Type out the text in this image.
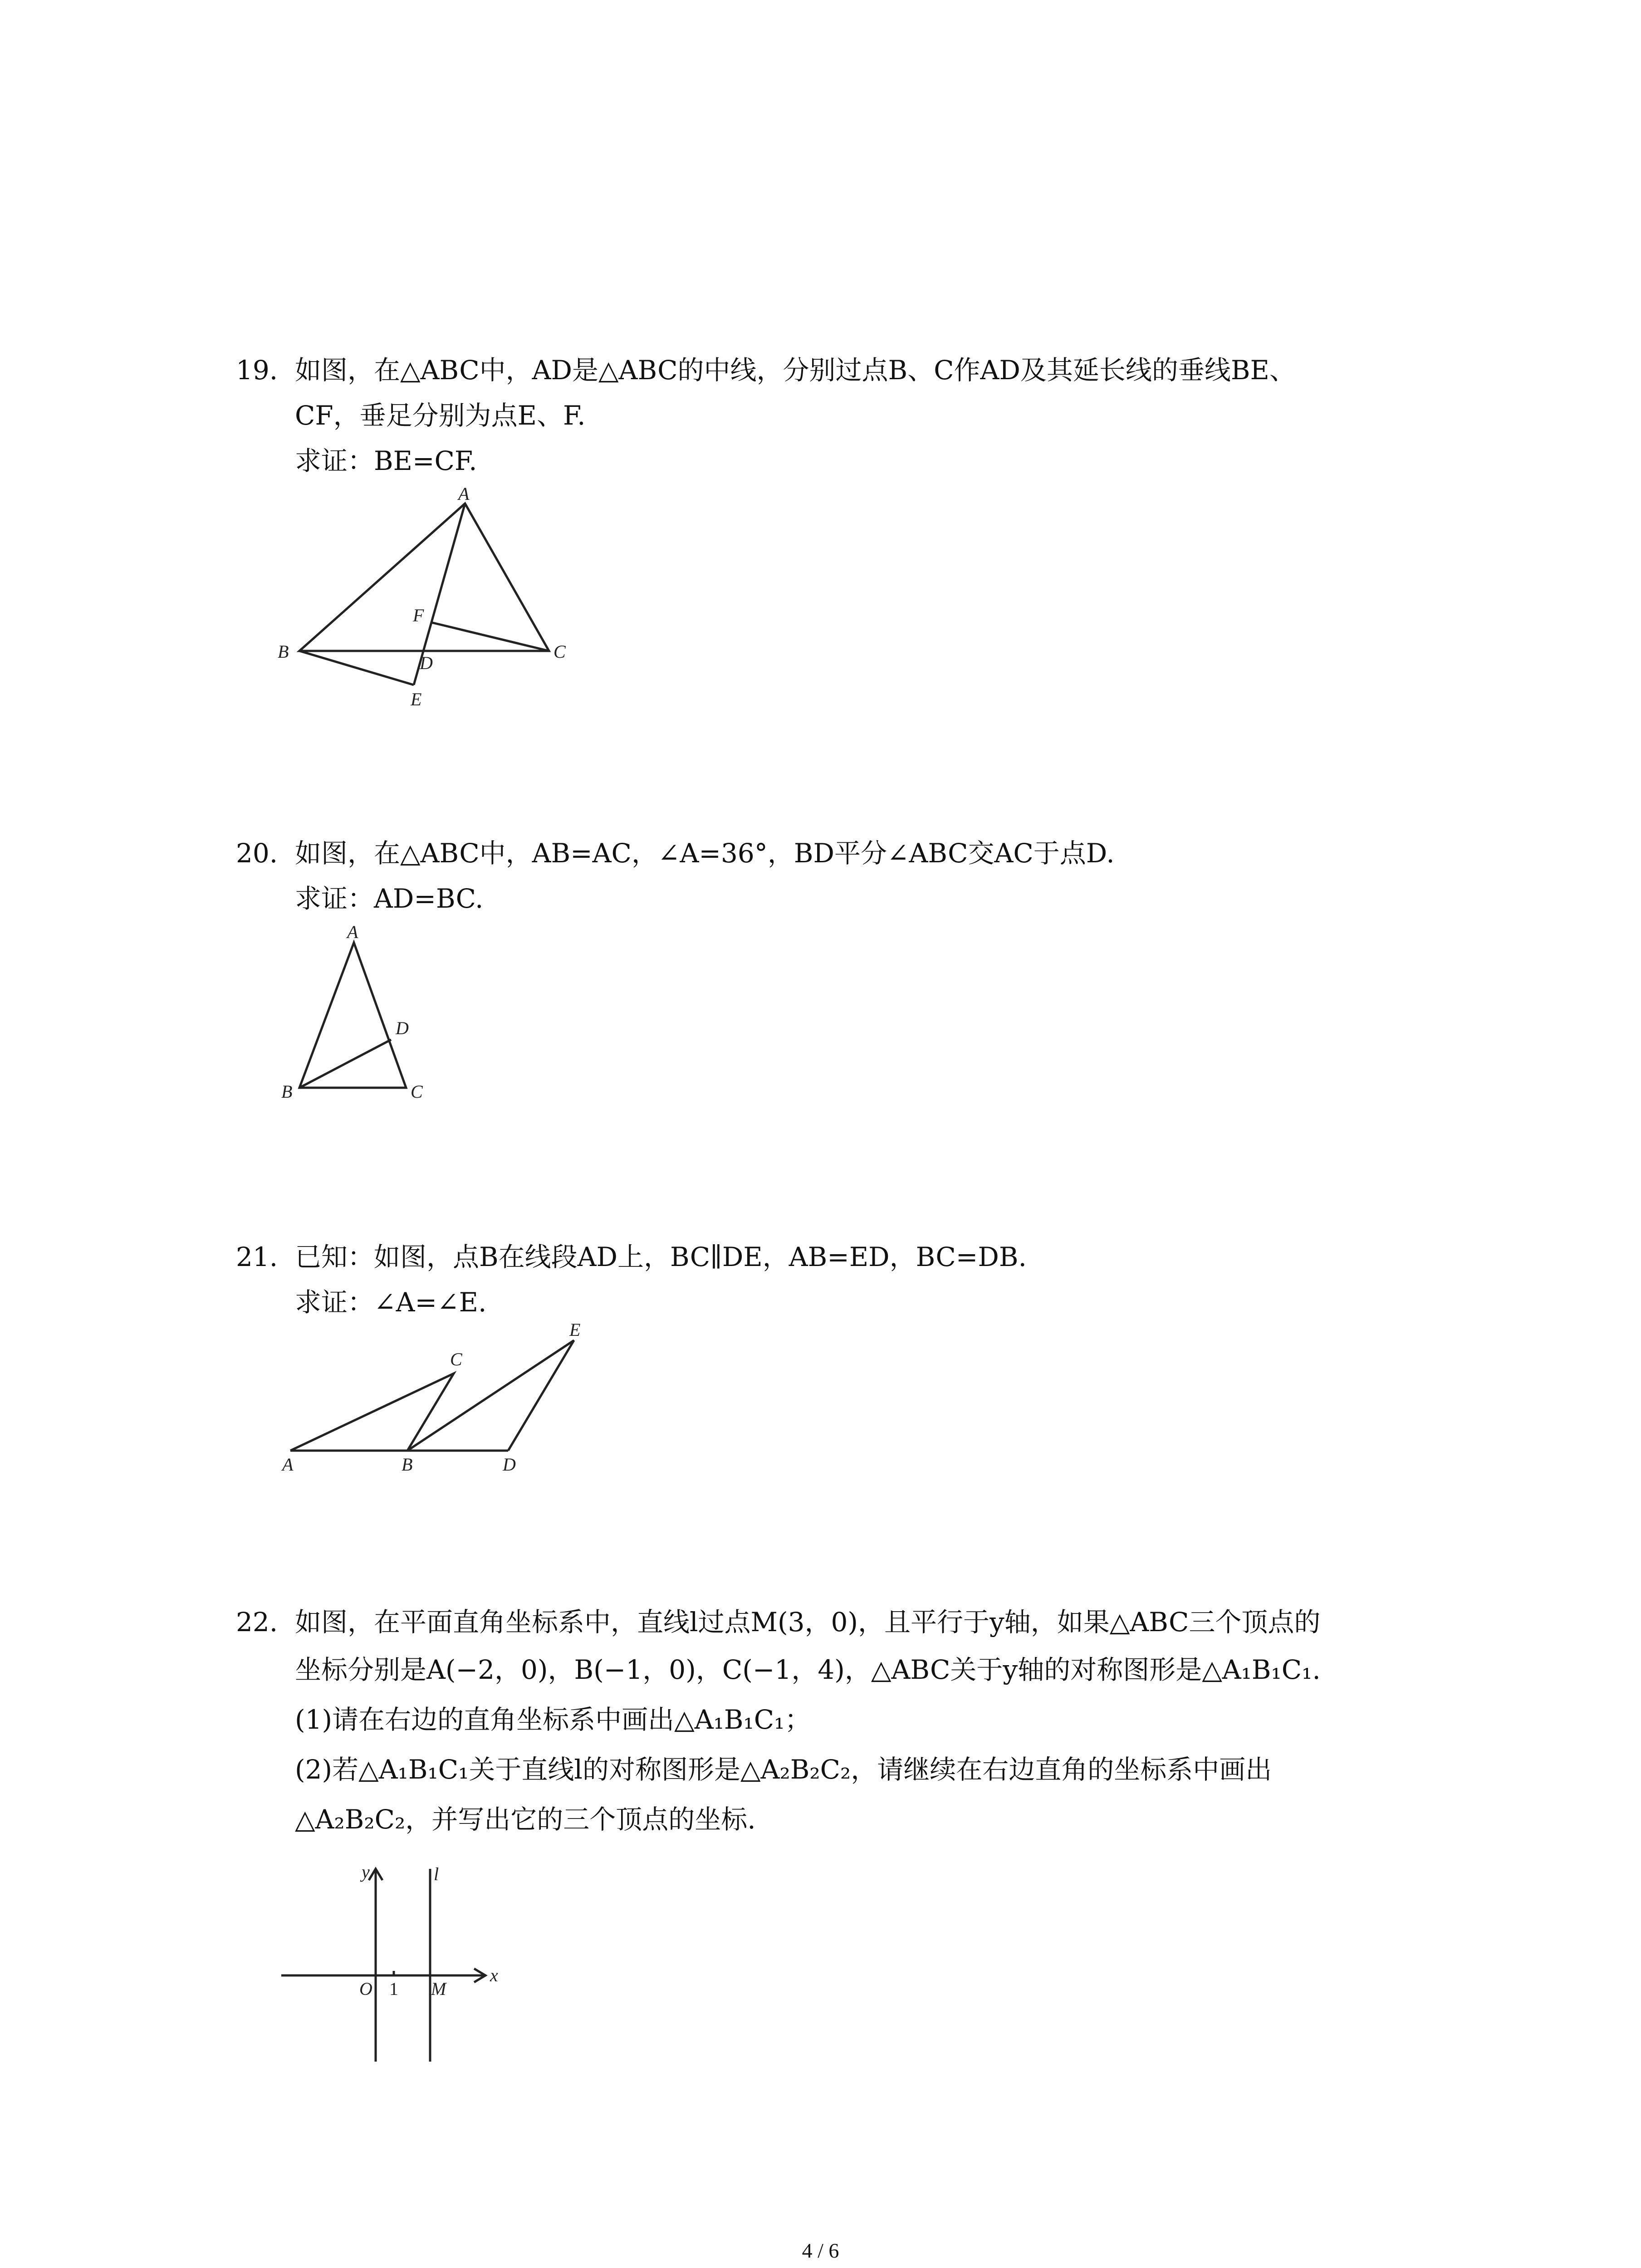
19. 如图，在△ABC中，AD是△ABC的中线，分别过点B、C作AD及其延长线的垂线BE、
CF，垂足分别为点E、F.
求证：BE=CF.
A
B	C
D
E
F
20. 如图，在△ABC中，AB=AC，∠A=36°，BD平分∠ABC交AC于点D.
求证：AD=BC.
A
B	C
D
21. 已知：如图，点B在线段AD上，BC∥DE，AB=ED，BC=DB.
求证：∠A=∠E.
A	B
C
D
E
22. 如图，在平面直角坐标系中，直线l过点M(3，0)，且平行于y轴，如果△ABC三个顶点的
坐标分别是A(−2，0)，B(−1，0)，C(−1，4)，△ABC关于y轴的对称图形是△A₁B₁C₁.
(1)请在右边的直角坐标系中画出△A₁B₁C₁；
(2)若△A₁B₁C₁关于直线l的对称图形是△A₂B₂C₂，请继续在右边直角的坐标系中画出
△A₂B₂C₂，并写出它的三个顶点的坐标.
y	l
O 1 M
x
4 / 6
